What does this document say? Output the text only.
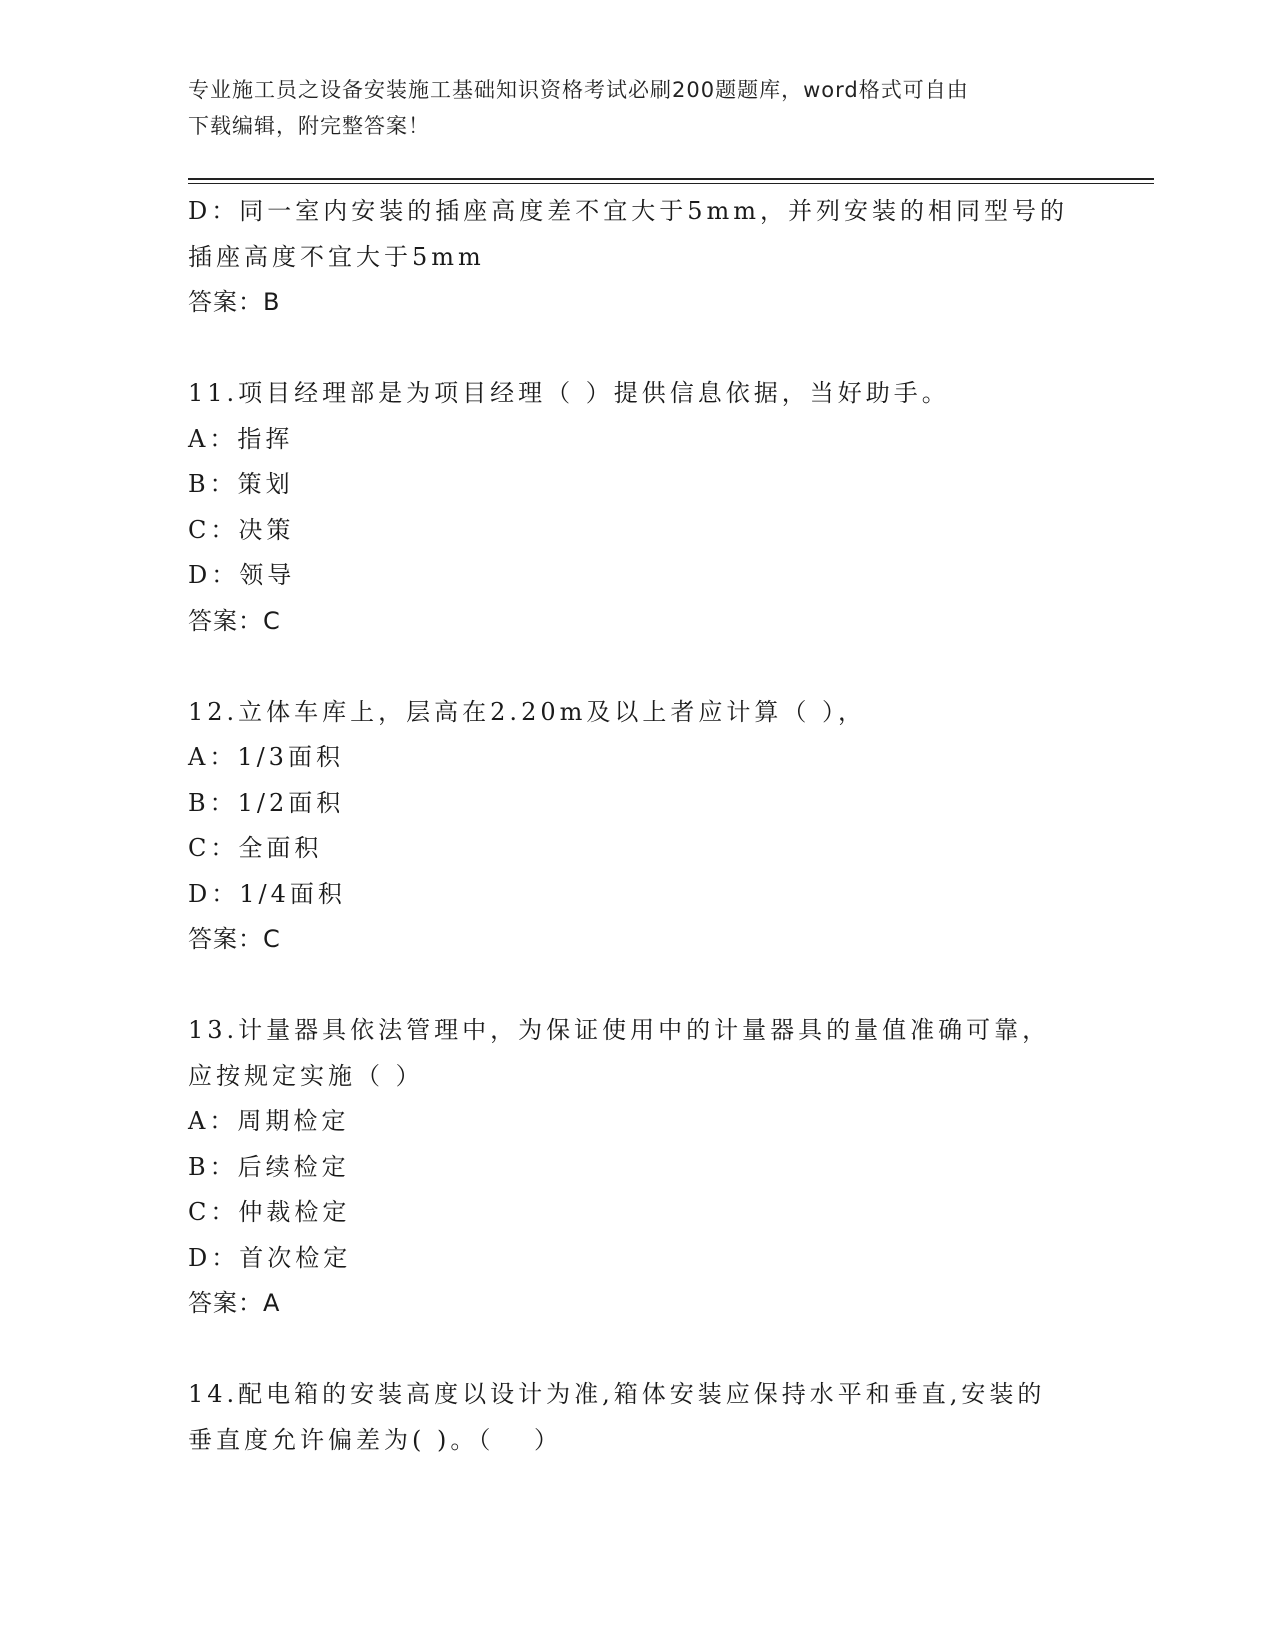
专业施工员之设备安装施工基础知识资格考试必刷200题题库，word格式可自由
下载编辑，附完整答案！
D：同一室内安装的插座高度差不宜大于5mm，并列安装的相同型号的
插座高度不宜大于5mm
答案：B
11.项目经理部是为项目经理（ ）提供信息依据，当好助手。
A：指挥
B：策划
C：决策
D：领导
答案：C
12.立体车库上，层高在2.20m及以上者应计算（ ），
A：1/3面积
B：1/2面积
C：全面积
D：1/4面积
答案：C
13.计量器具依法管理中，为保证使用中的计量器具的量值准确可靠，
应按规定实施（ ）
A：周期检定
B：后续检定
C：仲裁检定
D：首次检定
答案：A
14.配电箱的安装高度以设计为准,箱体安装应保持水平和垂直,安装的
垂直度允许偏差为( )。（　 ）
